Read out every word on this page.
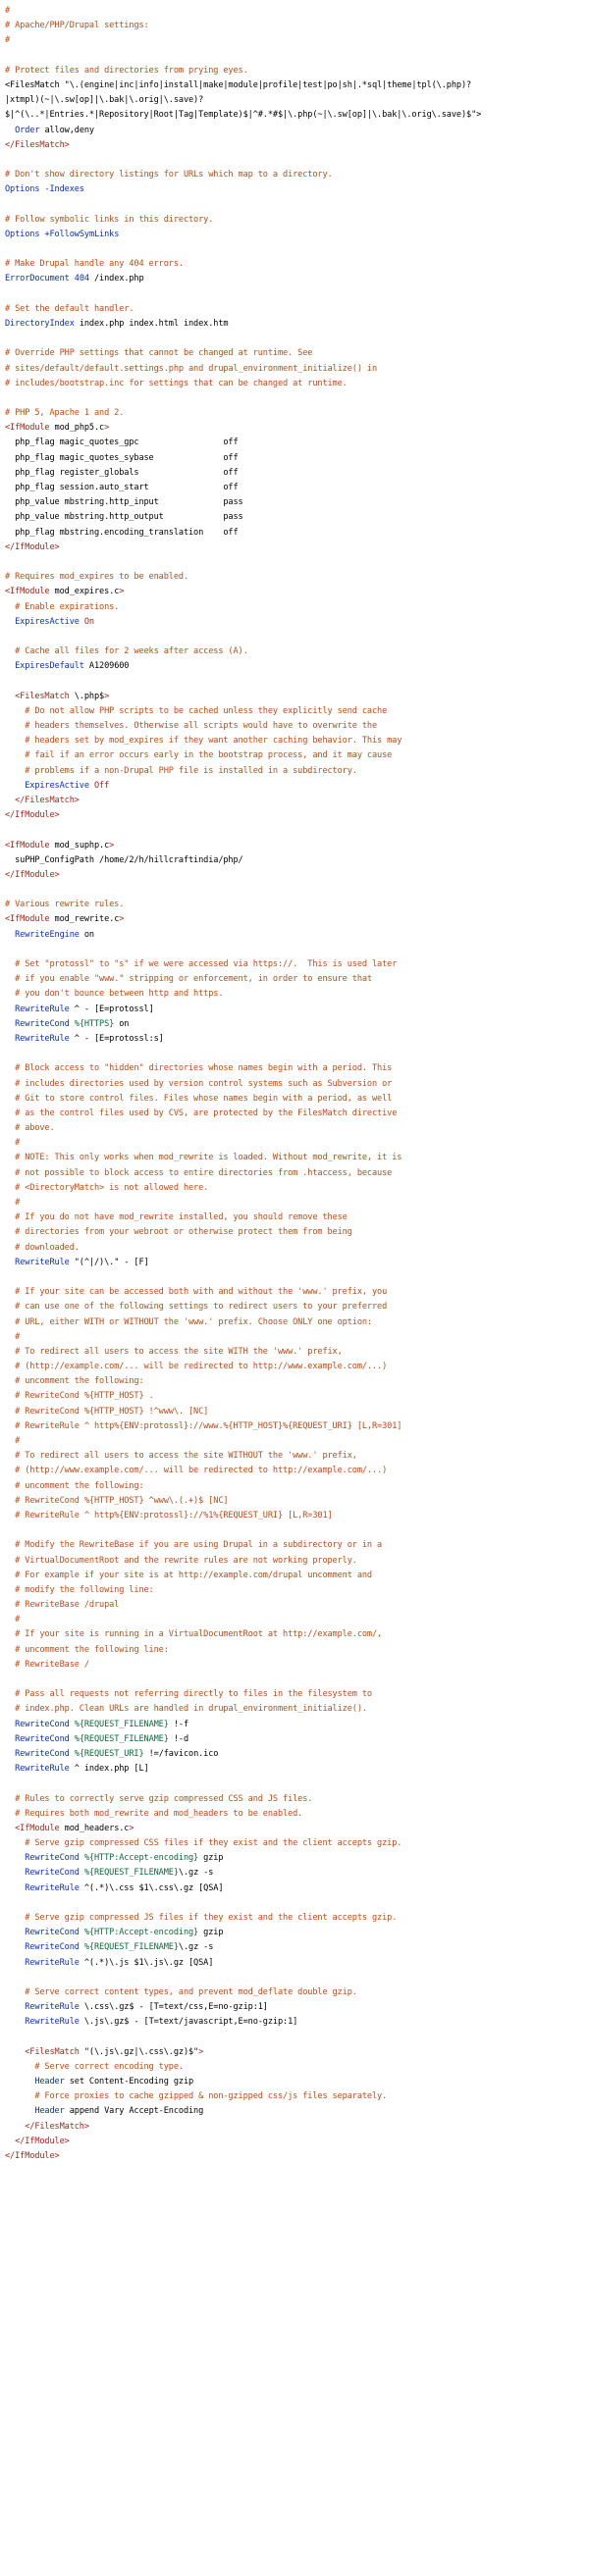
#
# Apache/PHP/Drupal settings:
#

# Protect files and directories from prying eyes.
<FilesMatch "\.(engine|inc|info|install|make|module|profile|test|po|sh|.*sql|theme|tpl(\.php)?
|xtmpl)(~|\.sw[op]|\.bak|\.orig|\.save)?
$|^(\..*|Entries.*|Repository|Root|Tag|Template)$|^#.*#$|\.php(~|\.sw[op]|\.bak|\.orig\.save)$">
Order allow,deny
</FilesMatch>

# Don't show directory listings for URLs which map to a directory.
Options -Indexes

# Follow symbolic links in this directory.
Options +FollowSymLinks

# Make Drupal handle any 404 errors.
ErrorDocument 404 /index.php

# Set the default handler.
DirectoryIndex index.php index.html index.htm

# Override PHP settings that cannot be changed at runtime. See
# sites/default/default.settings.php and drupal_environment_initialize() in
# includes/bootstrap.inc for settings that can be changed at runtime.

# PHP 5, Apache 1 and 2.
<IfModule mod_php5.c>
php_flag magic_quotes_gpc                 off
php_flag magic_quotes_sybase              off
php_flag register_globals                 off
php_flag session.auto_start               off
php_value mbstring.http_input             pass
php_value mbstring.http_output            pass
php_flag mbstring.encoding_translation    off
</IfModule>

# Requires mod_expires to be enabled.
<IfModule mod_expires.c>
# Enable expirations.
ExpiresActive On

# Cache all files for 2 weeks after access (A).
ExpiresDefault A1209600

<FilesMatch \.php$>
# Do not allow PHP scripts to be cached unless they explicitly send cache
# headers themselves. Otherwise all scripts would have to overwrite the
# headers set by mod_expires if they want another caching behavior. This may
# fail if an error occurs early in the bootstrap process, and it may cause
# problems if a non-Drupal PHP file is installed in a subdirectory.
ExpiresActive Off
</FilesMatch>
</IfModule>

<IfModule mod_suphp.c>
suPHP_ConfigPath /home/2/h/hillcraftindia/php/
</IfModule>

# Various rewrite rules.
<IfModule mod_rewrite.c>
RewriteEngine on

# Set "protossl" to "s" if we were accessed via https://.  This is used later
# if you enable "www." stripping or enforcement, in order to ensure that
# you don't bounce between http and https.
RewriteRule ^ - [E=protossl]
RewriteCond %{HTTPS} on
RewriteRule ^ - [E=protossl:s]

# Block access to "hidden" directories whose names begin with a period. This
# includes directories used by version control systems such as Subversion or
# Git to store control files. Files whose names begin with a period, as well
# as the control files used by CVS, are protected by the FilesMatch directive
# above.
#
# NOTE: This only works when mod_rewrite is loaded. Without mod_rewrite, it is
# not possible to block access to entire directories from .htaccess, because
# <DirectoryMatch> is not allowed here.
#
# If you do not have mod_rewrite installed, you should remove these
# directories from your webroot or otherwise protect them from being
# downloaded.
RewriteRule "(^|/)\." - [F]

# If your site can be accessed both with and without the 'www.' prefix, you
# can use one of the following settings to redirect users to your preferred
# URL, either WITH or WITHOUT the 'www.' prefix. Choose ONLY one option:
#
# To redirect all users to access the site WITH the 'www.' prefix,
# (http://example.com/... will be redirected to http://www.example.com/...)
# uncomment the following:
# RewriteCond %{HTTP_HOST} .
# RewriteCond %{HTTP_HOST} !^www\. [NC]
# RewriteRule ^ http%{ENV:protossl}://www.%{HTTP_HOST}%{REQUEST_URI} [L,R=301]
#
# To redirect all users to access the site WITHOUT the 'www.' prefix,
# (http://www.example.com/... will be redirected to http://example.com/...)
# uncomment the following:
# RewriteCond %{HTTP_HOST} ^www\.(.+)$ [NC]
# RewriteRule ^ http%{ENV:protossl}://%1%{REQUEST_URI} [L,R=301]

# Modify the RewriteBase if you are using Drupal in a subdirectory or in a
# VirtualDocumentRoot and the rewrite rules are not working properly.
# For example if your site is at http://example.com/drupal uncomment and
# modify the following line:
# RewriteBase /drupal
#
# If your site is running in a VirtualDocumentRoot at http://example.com/,
# uncomment the following line:
# RewriteBase /

# Pass all requests not referring directly to files in the filesystem to
# index.php. Clean URLs are handled in drupal_environment_initialize().
RewriteCond %{REQUEST_FILENAME} !-f
RewriteCond %{REQUEST_FILENAME} !-d
RewriteCond %{REQUEST_URI} !=/favicon.ico
RewriteRule ^ index.php [L]

# Rules to correctly serve gzip compressed CSS and JS files.
# Requires both mod_rewrite and mod_headers to be enabled.
<IfModule mod_headers.c>
# Serve gzip compressed CSS files if they exist and the client accepts gzip.
RewriteCond %{HTTP:Accept-encoding} gzip
RewriteCond %{REQUEST_FILENAME}\.gz -s
RewriteRule ^(.*)\.css $1\.css\.gz [QSA]

# Serve gzip compressed JS files if they exist and the client accepts gzip.
RewriteCond %{HTTP:Accept-encoding} gzip
RewriteCond %{REQUEST_FILENAME}\.gz -s
RewriteRule ^(.*)\.js $1\.js\.gz [QSA]

# Serve correct content types, and prevent mod_deflate double gzip.
RewriteRule \.css\.gz$ - [T=text/css,E=no-gzip:1]
RewriteRule \.js\.gz$ - [T=text/javascript,E=no-gzip:1]

<FilesMatch "(\.js\.gz|\.css\.gz)$">
# Serve correct encoding type.
Header set Content-Encoding gzip
# Force proxies to cache gzipped & non-gzipped css/js files separately.
Header append Vary Accept-Encoding
</FilesMatch>
</IfModule>
</IfModule>
